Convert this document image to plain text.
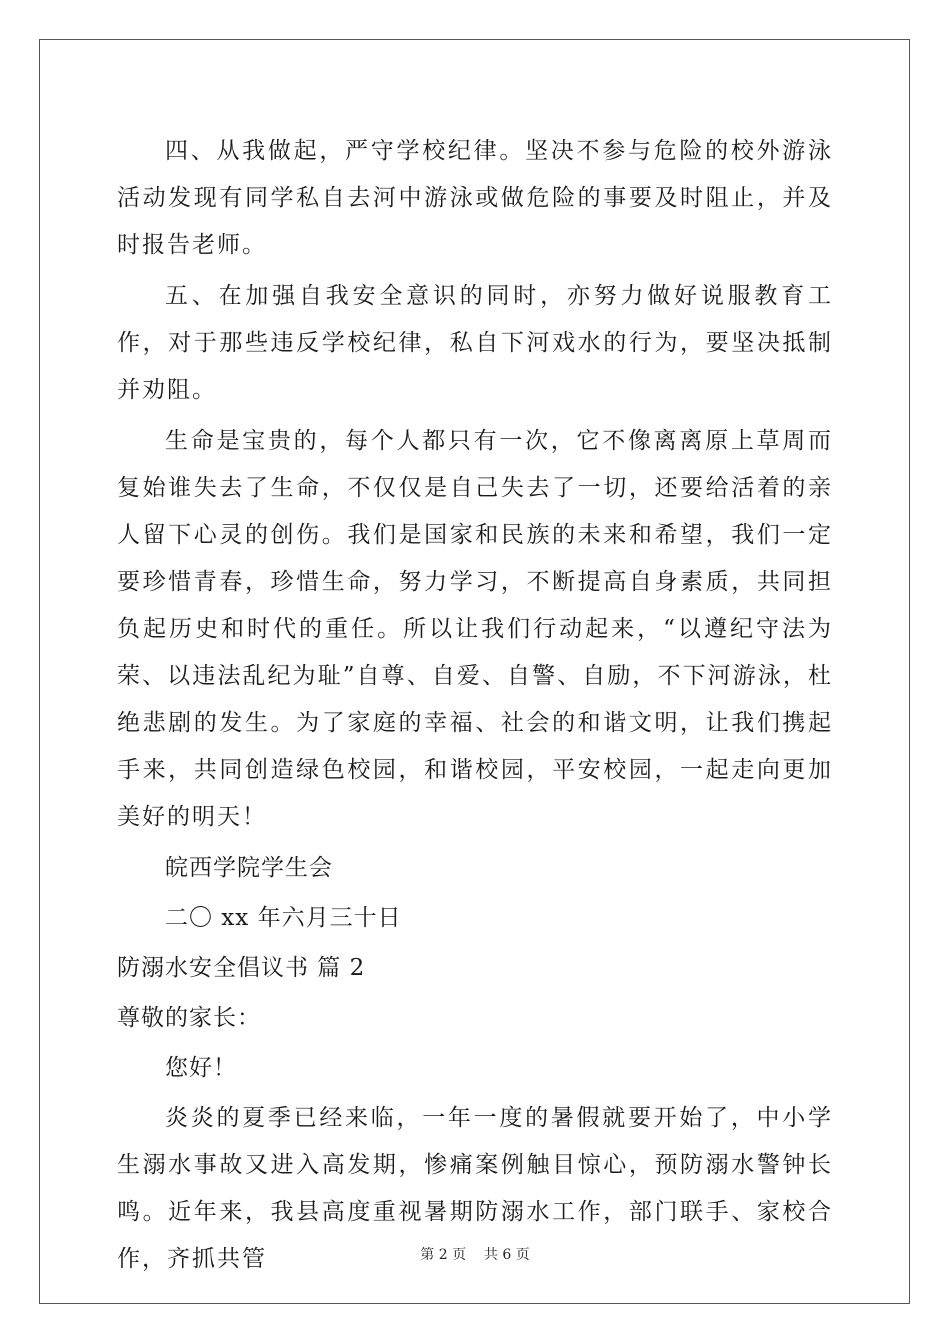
四、从我做起，严守学校纪律。坚决不参与危险的校外游泳活动发现有同学私自去河中游泳或做危险的事要及时阻止，并及时报告老师。

五、在加强自我安全意识的同时，亦努力做好说服教育工作，对于那些违反学校纪律，私自下河戏水的行为，要坚决抵制并劝阻。

生命是宝贵的，每个人都只有一次，它不像离离原上草周而复始谁失去了生命，不仅仅是自己失去了一切，还要给活着的亲人留下心灵的创伤。我们是国家和民族的未来和希望，我们一定要珍惜青春，珍惜生命，努力学习，不断提高自身素质，共同担负起历史和时代的重任。所以让我们行动起来，“以遵纪守法为荣、以违法乱纪为耻”自尊、自爱、自警、自励，不下河游泳，杜绝悲剧的发生。为了家庭的幸福、社会的和谐文明，让我们携起手来，共同创造绿色校园，和谐校园，平安校园，一起走向更加美好的明天！

皖西学院学生会

二〇 xx 年六月三十日

防溺水安全倡议书 篇 2

尊敬的家长：

您好！

炎炎的夏季已经来临，一年一度的暑假就要开始了，中小学生溺水事故又进入高发期，惨痛案例触目惊心，预防溺水警钟长鸣。近年来，我县高度重视暑期防溺水工作，部门联手、家校合作，齐抓共管	第 2 页    共 6 页
